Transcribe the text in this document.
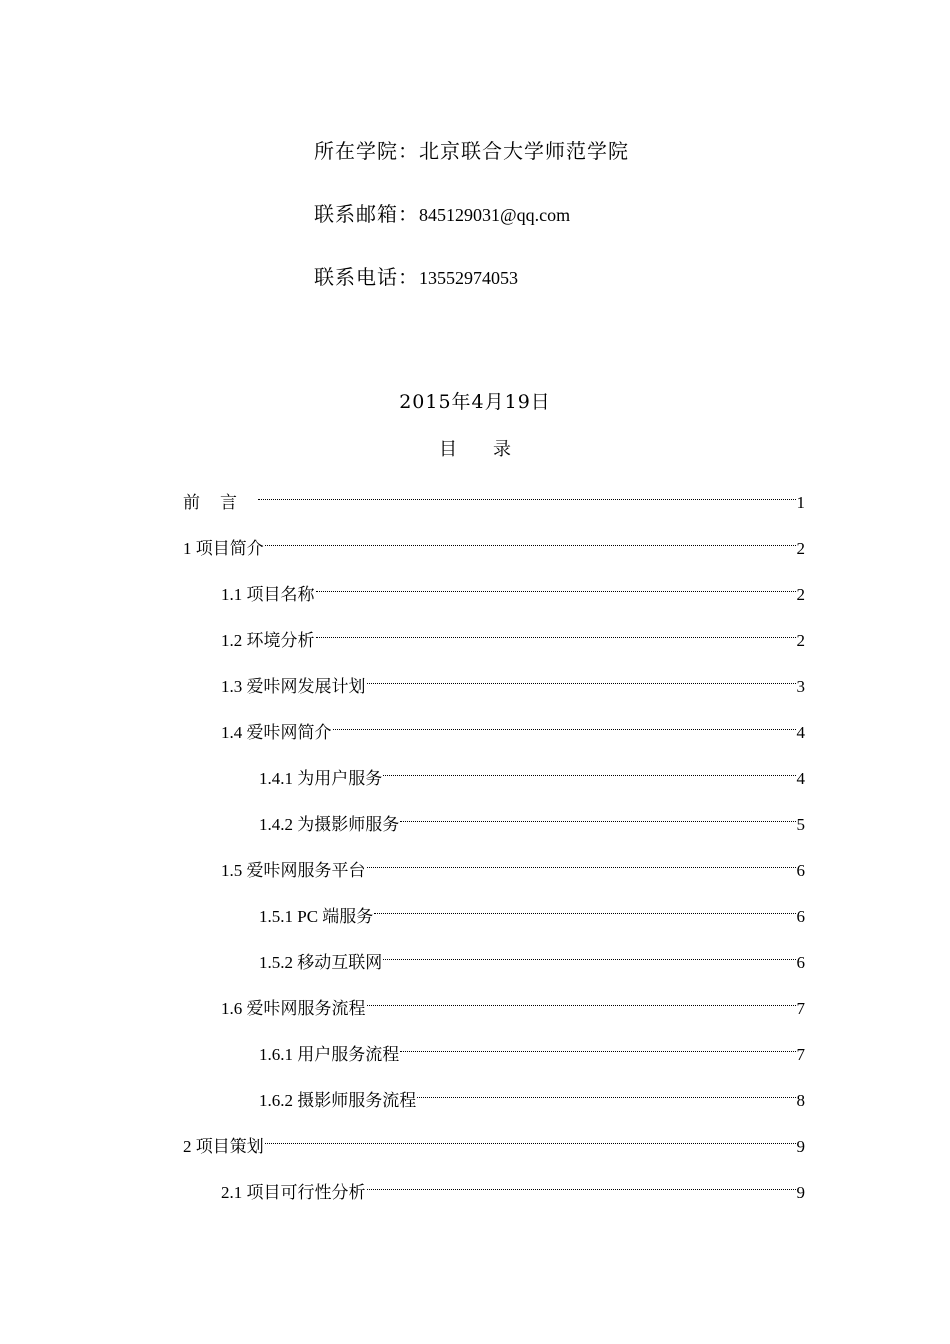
所在学院：北京联合大学师范学院
联系邮箱：845129031@qq.com
联系电话：13552974053
2015年4月19日
目录
前言	1
1 项目简介	2
1.1 项目名称	2
1.2 环境分析	2
1.3 爱咔网发展计划	3
1.4 爱咔网简介	4
1.4.1 为用户服务	4
1.4.2 为摄影师服务	5
1.5 爱咔网服务平台	6
1.5.1 PC 端服务	6
1.5.2 移动互联网	6
1.6 爱咔网服务流程	7
1.6.1 用户服务流程	7
1.6.2 摄影师服务流程	8
2 项目策划	9
2.1 项目可行性分析	9
